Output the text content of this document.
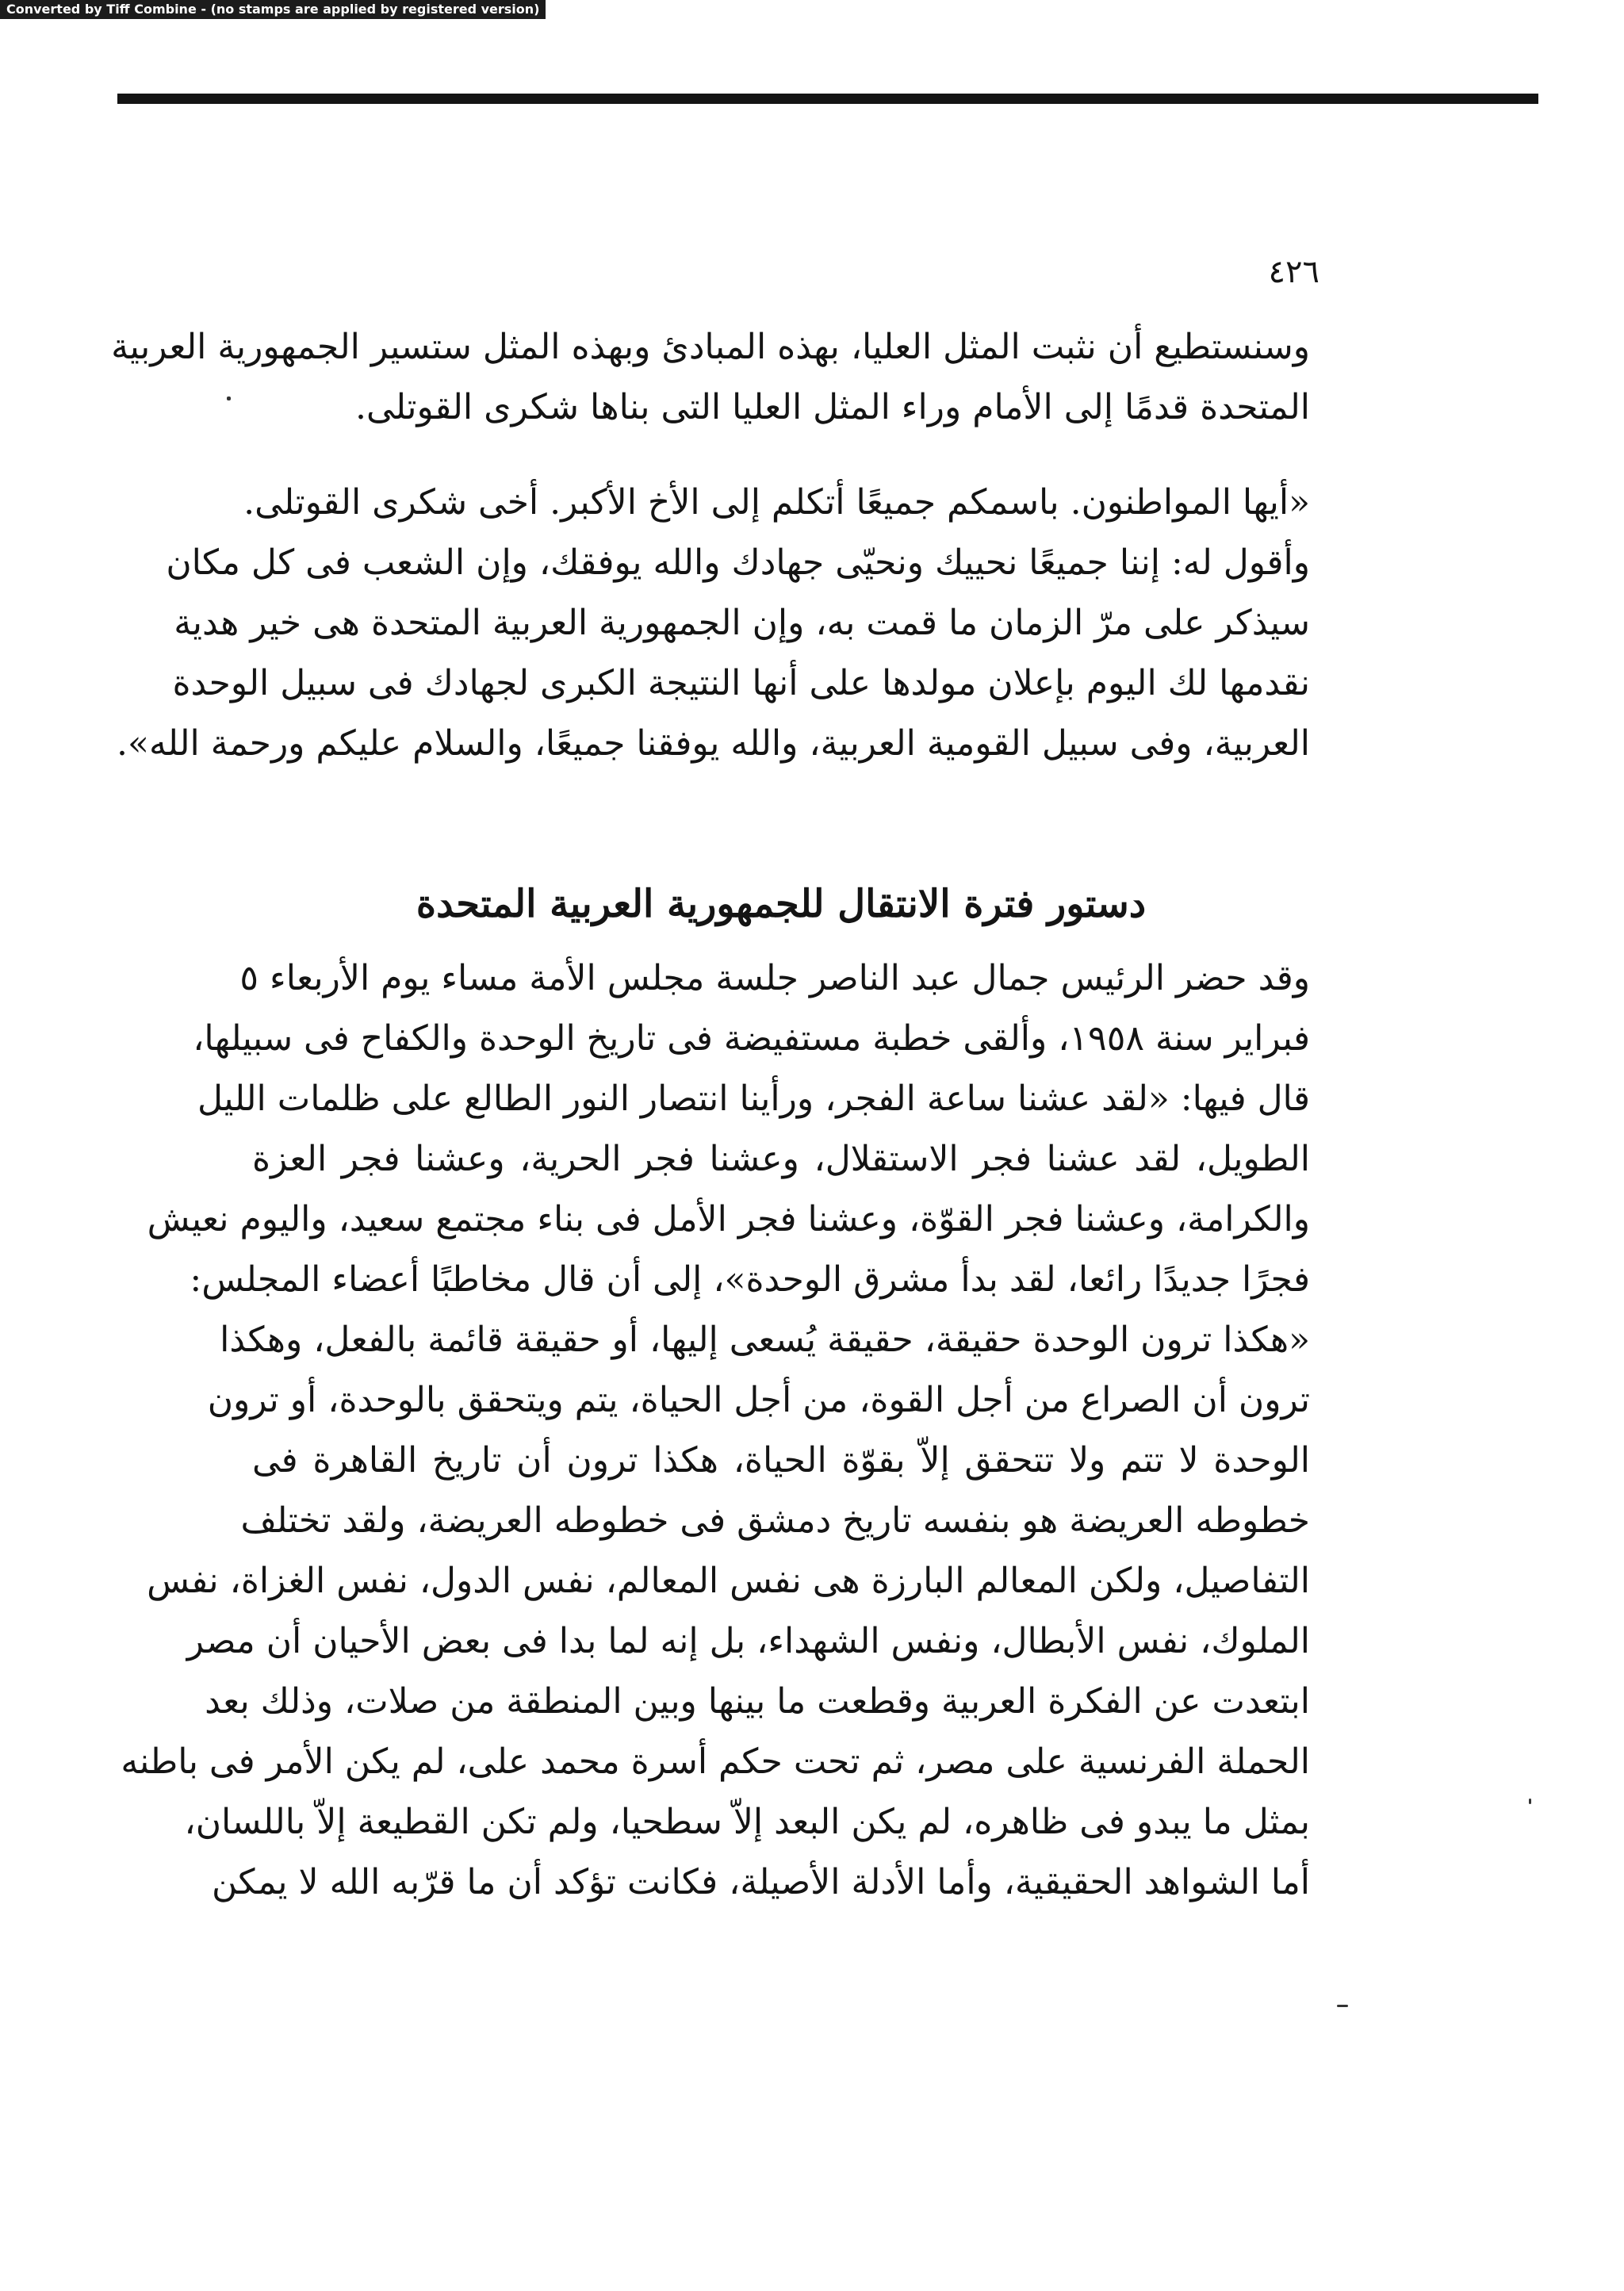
Converted by Tiff Combine - (no stamps are applied by registered version)
٤٢٦
وسنستطيع أن نثبت المثل العليا، بهذه المبادئ وبهذه المثل ستسير الجمهورية العربية
المتحدة قدمًا إلى الأمام وراء المثل العليا التى بناها شكرى القوتلى.
«أيها المواطنون. باسمكم جميعًا أتكلم إلى الأخ الأكبر. أخى شكرى القوتلى.
وأقول له: إننا جميعًا نحييك ونحيّى جهادك والله يوفقك، وإن الشعب فى كل مكان
سيذكر على مرّ الزمان ما قمت به، وإن الجمهورية العربية المتحدة هى خير هدية
نقدمها لك اليوم بإعلان مولدها على أنها النتيجة الكبرى لجهادك فى سبيل الوحدة
العربية، وفى سبيل القومية العربية، والله يوفقنا جميعًا، والسلام عليكم ورحمة الله».
دستور فترة الانتقال للجمهورية العربية المتحدة
وقد حضر الرئيس جمال عبد الناصر جلسة مجلس الأمة مساء يوم الأربعاء ٥
فبراير سنة ١٩٥٨، وألقى خطبة مستفيضة فى تاريخ الوحدة والكفاح فى سبيلها،
قال فيها: «لقد عشنا ساعة الفجر، ورأينا انتصار النور الطالع على ظلمات الليل
الطويل، لقد عشنا فجر الاستقلال، وعشنا فجر الحرية، وعشنا فجر العزة
والكرامة، وعشنا فجر القوّة، وعشنا فجر الأمل فى بناء مجتمع سعيد، واليوم نعيش
فجرًا جديدًا رائعا، لقد بدأ مشرق الوحدة»، إلى أن قال مخاطبًا أعضاء المجلس:
«هكذا ترون الوحدة حقيقة، حقيقة يُسعى إليها، أو حقيقة قائمة بالفعل، وهكذا
ترون أن الصراع من أجل القوة، من أجل الحياة، يتم ويتحقق بالوحدة، أو ترون
الوحدة لا تتم ولا تتحقق إلاّ بقوّة الحياة، هكذا ترون أن تاريخ القاهرة فى
خطوطه العريضة هو بنفسه تاريخ دمشق فى خطوطه العريضة، ولقد تختلف
التفاصيل، ولكن المعالم البارزة هى نفس المعالم، نفس الدول، نفس الغزاة، نفس
الملوك، نفس الأبطال، ونفس الشهداء، بل إنه لما بدا فى بعض الأحيان أن مصر
ابتعدت عن الفكرة العربية وقطعت ما بينها وبين المنطقة من صلات، وذلك بعد
الحملة الفرنسية على مصر، ثم تحت حكم أسرة محمد على، لم يكن الأمر فى باطنه
بمثل ما يبدو فى ظاهره، لم يكن البعد إلاّ سطحيا، ولم تكن القطيعة إلاّ باللسان،
أما الشواهد الحقيقية، وأما الأدلة الأصيلة، فكانت تؤكد أن ما قرّبه الله لا يمكن
